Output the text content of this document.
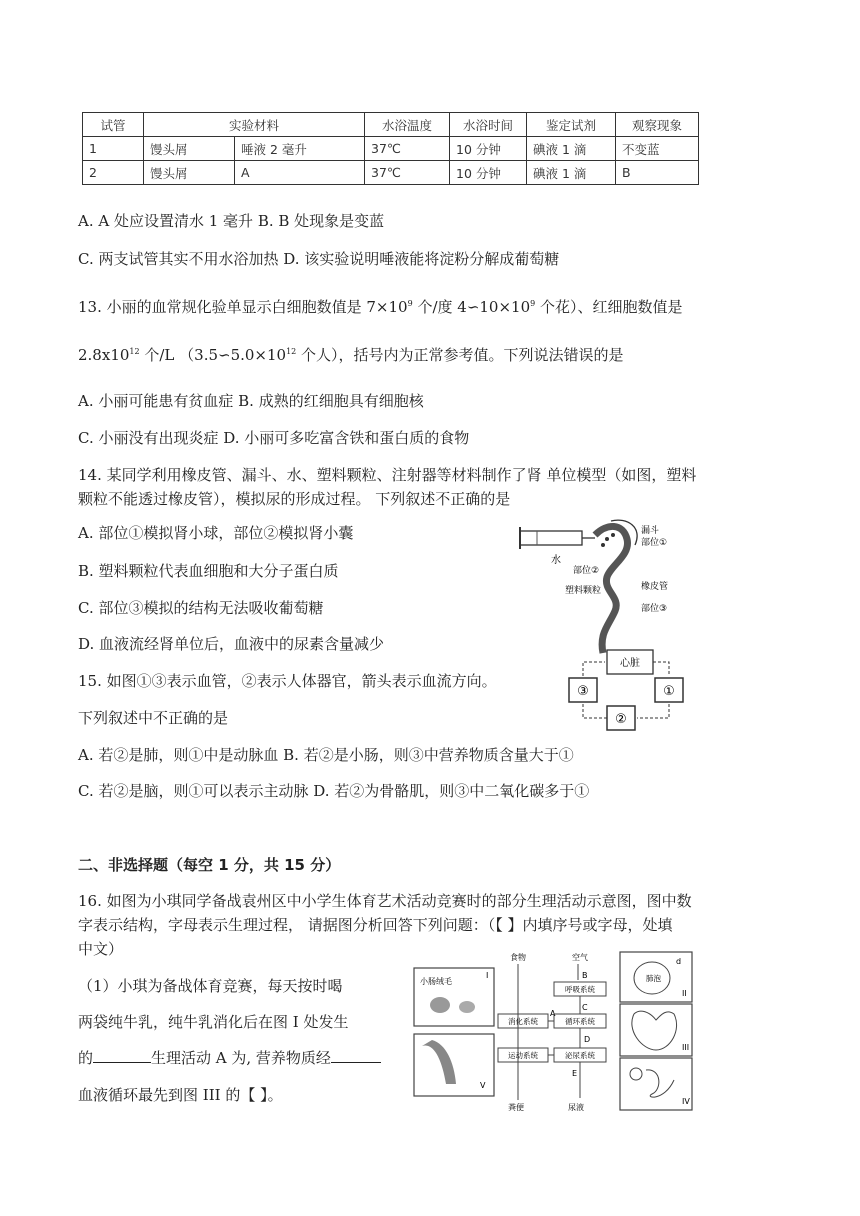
试管	实验材料		水浴温度	水浴时间	鉴定试剂	观察现象
1	馒头屑	唾液 2 毫升	37℃	10 分钟	碘液 1 滴	不变蓝
2	馒头屑	A	37℃	10 分钟	碘液 1 滴	B
A. A 处应设置清水 1 毫升 B. B 处现象是变蓝
C. 两支试管其实不用水浴加热 D. 该实验说明唾液能将淀粉分解成葡萄糖
13. 小丽的血常规化验单显示白细胞数值是 $7\times 10^9$ 个/度 $4∽10\times 10^9$ 个花）、红细胞数值是
$2.8x10^{12}$ 个/L （$3.5∽5.0\times 10^{12}$ 个人），括号内为正常参考值。下列说法错误的是
A. 小丽可能患有贫血症 B. 成熟的红细胞具有细胞核
C. 小丽没有出现炎症 D. 小丽可多吃富含铁和蛋白质的食物
14. 某同学利用橡皮管、漏斗、水、塑料颗粒、注射器等材料制作了肾 单位模型（如图，塑料
颗粒不能透过橡皮管），模拟尿的形成过程。 下列叙述不正确的是
A. 部位①模拟肾小球，部位②模拟肾小囊
B. 塑料颗粒代表血细胞和大分子蛋白质
C. 部位③模拟的结构无法吸收葡萄糖
D. 血液流经肾单位后，血液中的尿素含量减少
水
漏斗
部位①
部位②
塑料颗粒	橡皮管
部位③
15. 如图①③表示血管，②表示人体器官，箭头表示血流方向。
下列叙述中不正确的是
A. 若②是肺，则①中是动脉血 B. 若②是小肠，则③中营养物质含量大于①
C. 若②是脑，则①可以表示主动脉 D. 若②为骨骼肌，则③中二氧化碳多于①
心脏
③	①
②
二、非选择题（每空 1 分，共 15 分）
16. 如图为小琪同学备战袁州区中小学生体育艺术活动竞赛时的部分生理活动示意图，图中数
字表示结构，字母表示生理过程， 请据图分析回答下列问题：（【 】内填序号或字母，处填
中文）
（1）小琪为备战体育竞赛，每天按时喝
两袋纯牛乳，纯牛乳消化后在图 I 处发生
的	生理活动 A 为, 营养物质经
血液循环最先到图 III 的【 】。
小肠绒毛
I
V
食物	空气
B
呼吸系统
C
消化系统
A
循环系统
D
运动系统	泌尿系统
E
粪便	尿液
肺泡
d
II
III
IV
